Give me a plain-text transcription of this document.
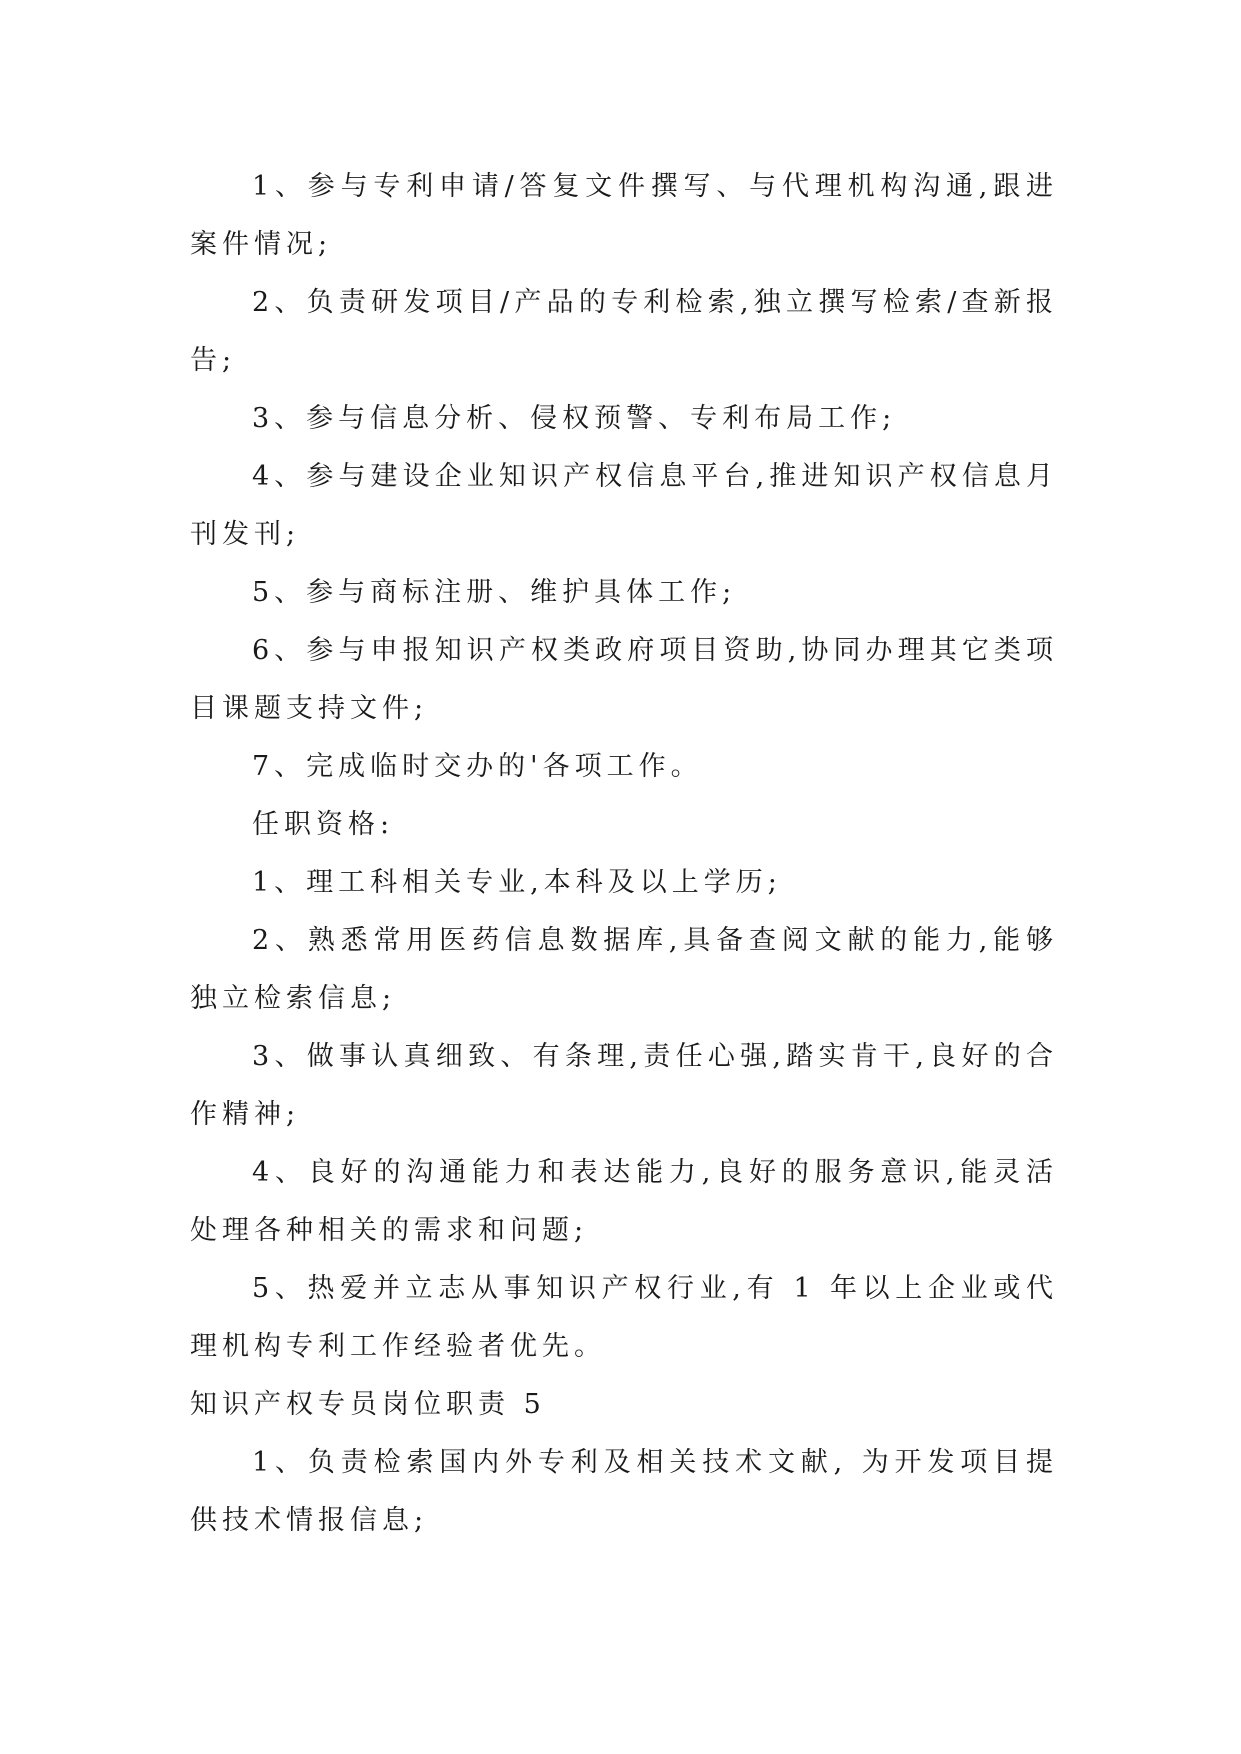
1、参与专利申请/答复文件撰写、与代理机构沟通,跟进案件情况;

2、负责研发项目/产品的专利检索,独立撰写检索/查新报告;

3、参与信息分析、侵权预警、专利布局工作;

4、参与建设企业知识产权信息平台,推进知识产权信息月刊发刊;

5、参与商标注册、维护具体工作;

6、参与申报知识产权类政府项目资助,协同办理其它类项目课题支持文件;

7、完成临时交办的'各项工作。

任职资格:

1、理工科相关专业,本科及以上学历;

2、熟悉常用医药信息数据库,具备查阅文献的能力,能够独立检索信息;

3、做事认真细致、有条理,责任心强,踏实肯干,良好的合作精神;

4、良好的沟通能力和表达能力,良好的服务意识,能灵活处理各种相关的需求和问题;

5、热爱并立志从事知识产权行业,有 1 年以上企业或代理机构专利工作经验者优先。

知识产权专员岗位职责 5

1、负责检索国内外专利及相关技术文献, 为开发项目提供技术情报信息;
